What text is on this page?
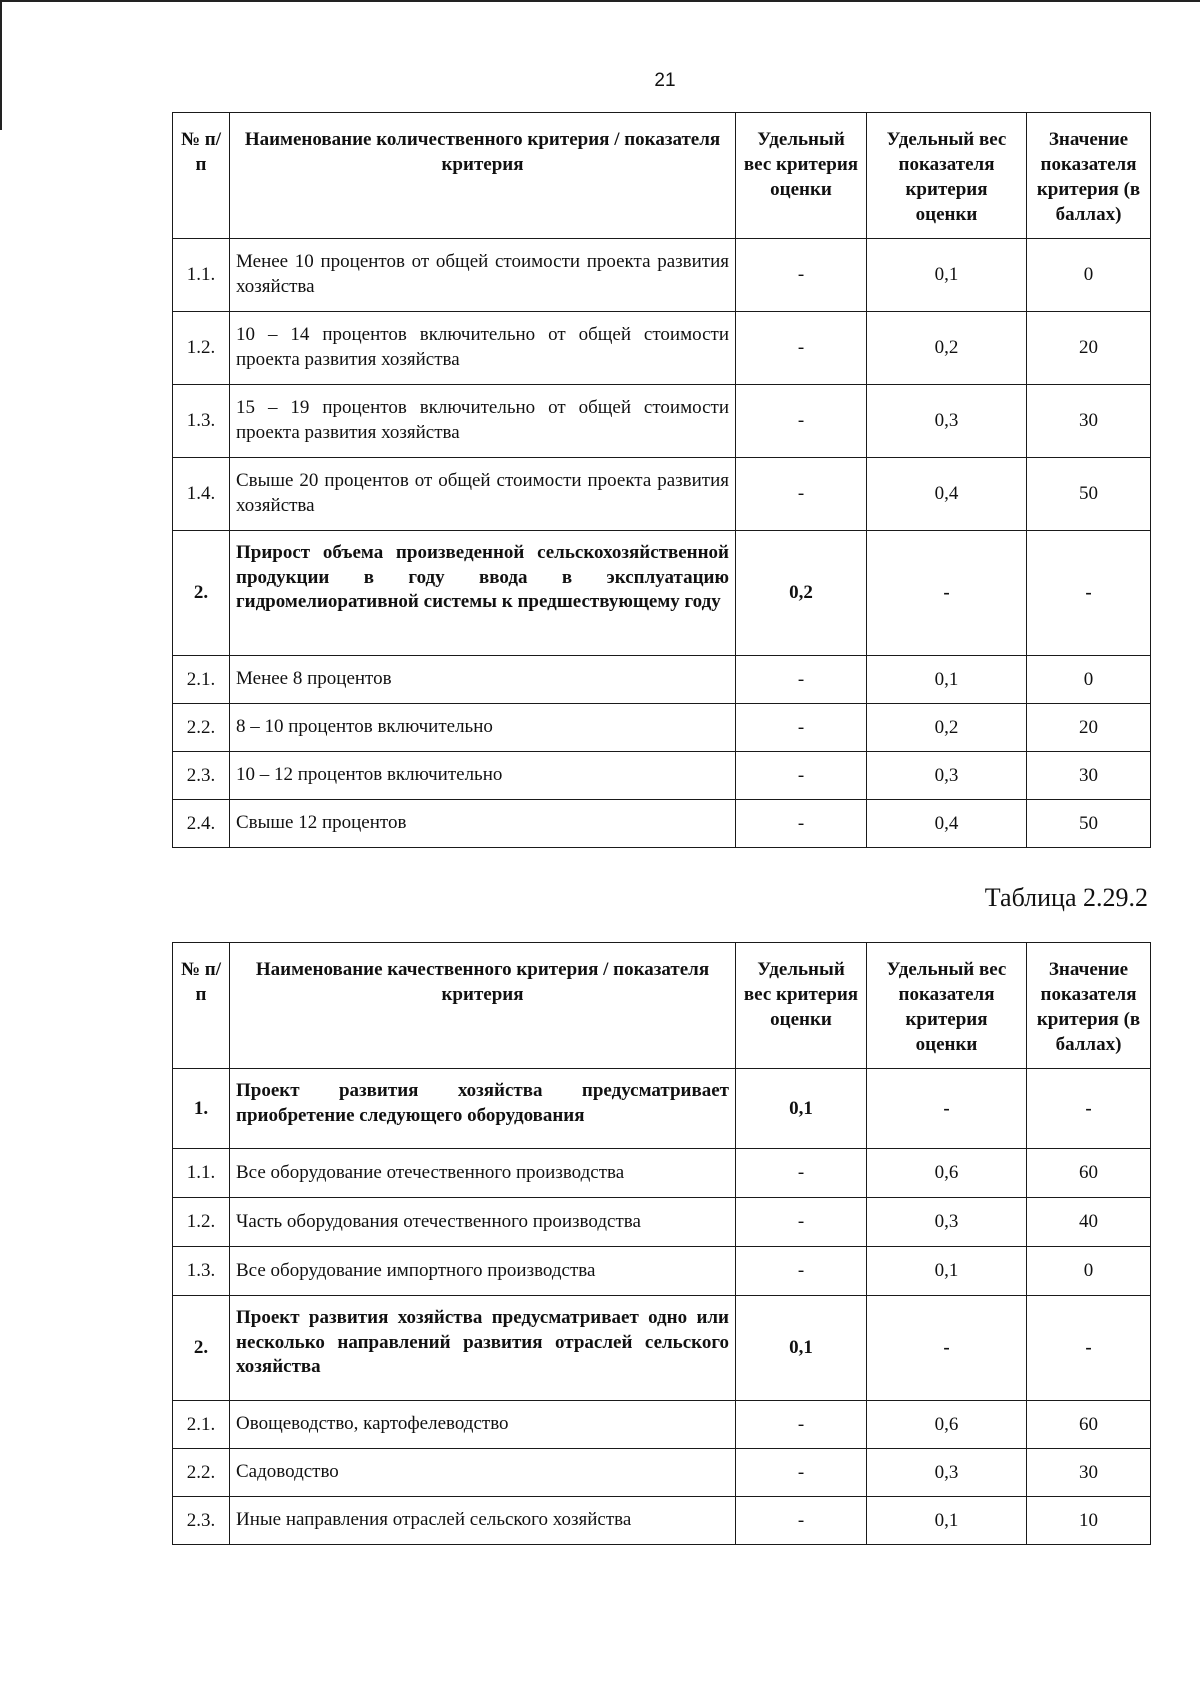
21
№ п/п	Наименование количественного критерия / показателя критерия	Удельный вес критерия оценки	Удельный вес показателя критерия оценки	Значение показателя критерия (в баллах)
1.1.	Менее 10 процентов от общей стоимости проекта развития хозяйства	-	0,1	0
1.2.	10 – 14 процентов включительно от общей стоимости проекта развития хозяйства	-	0,2	20
1.3.	15 – 19 процентов включительно от общей стоимости проекта развития хозяйства	-	0,3	30
1.4.	Свыше 20 процентов от общей стоимости проекта развития хозяйства	-	0,4	50
2.	Прирост объема произведенной сельскохозяйственной продукции в году ввода в эксплуатацию гидромелиоративной системы к предшествующему году	0,2	-	-
2.1.	Менее 8 процентов	-	0,1	0
2.2.	8 – 10 процентов включительно	-	0,2	20
2.3.	10 – 12 процентов включительно	-	0,3	30
2.4.	Свыше 12 процентов	-	0,4	50
Таблица 2.29.2
№ п/п	Наименование качественного критерия / показателя критерия	Удельный вес критерия оценки	Удельный вес показателя критерия оценки	Значение показателя критерия (в баллах)
1.	Проект развития хозяйства предусматривает приобретение следующего оборудования	0,1	-	-
1.1.	Все оборудование отечественного производства	-	0,6	60
1.2.	Часть оборудования отечественного производства	-	0,3	40
1.3.	Все оборудование импортного производства	-	0,1	0
2.	Проект развития хозяйства предусматривает одно или несколько направлений развития отраслей сельского хозяйства	0,1	-	-
2.1.	Овощеводство, картофелеводство	-	0,6	60
2.2.	Садоводство	-	0,3	30
2.3.	Иные направления отраслей сельского хозяйства	-	0,1	10
